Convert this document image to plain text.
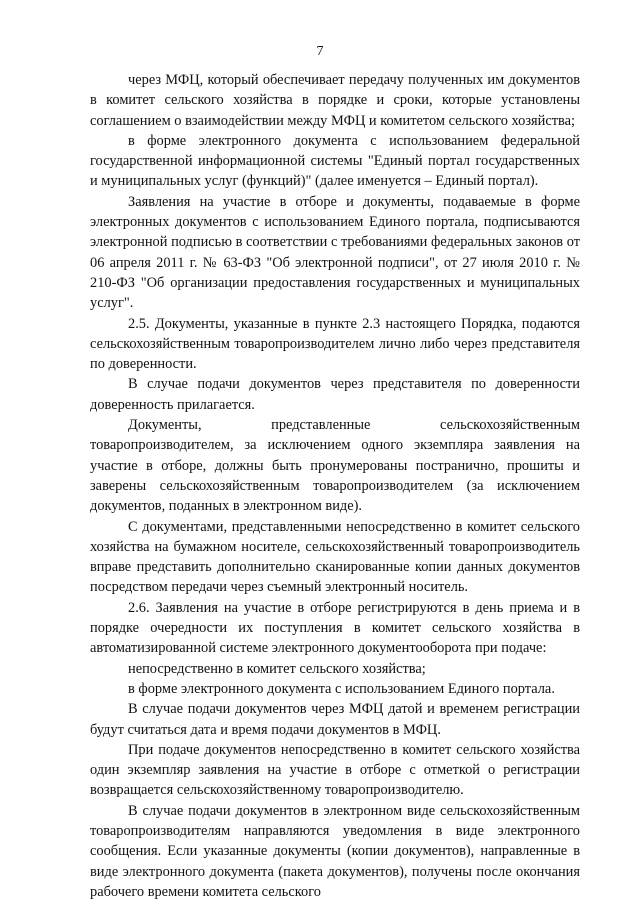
7

через МФЦ, который обеспечивает передачу полученных им документов в комитет сельского хозяйства в порядке и сроки, которые установлены соглашением о взаимодействии между МФЦ и комитетом сельского хозяйства;

в форме электронного документа с использованием федеральной государственной информационной системы "Единый портал государственных и муниципальных услуг (функций)" (далее именуется – Единый портал).

Заявления на участие в отборе и документы, подаваемые в форме электронных документов с использованием Единого портала, подписываются электронной подписью в соответствии с требованиями федеральных законов от 06 апреля 2011 г. № 63-ФЗ "Об электронной подписи", от 27 июля 2010 г. № 210-ФЗ "Об организации предоставления государственных и муниципальных услуг".

2.5. Документы, указанные в пункте 2.3 настоящего Порядка, подаются сельскохозяйственным товаропроизводителем лично либо через представителя по доверенности.

В случае подачи документов через представителя по доверенности доверенность прилагается.

Документы, представленные сельскохозяйственным товаропроизводителем, за исключением одного экземпляра заявления на участие в отборе, должны быть пронумерованы постранично, прошиты и заверены сельскохозяйственным товаропроизводителем (за исключением документов, поданных в электронном виде).

С документами, представленными непосредственно в комитет сельского хозяйства на бумажном носителе, сельскохозяйственный товаропроизводитель вправе представить дополнительно сканированные копии данных документов посредством передачи через съемный электронный носитель.

2.6. Заявления на участие в отборе регистрируются в день приема и в порядке очередности их поступления в комитет сельского хозяйства в автоматизированной системе электронного документооборота при подаче:

непосредственно в комитет сельского хозяйства;

в форме электронного документа с использованием Единого портала.

В случае подачи документов через МФЦ датой и временем регистрации будут считаться дата и время подачи документов в МФЦ.

При подаче документов непосредственно в комитет сельского хозяйства один экземпляр заявления на участие в отборе с отметкой о регистрации возвращается сельскохозяйственному товаропроизводителю.

В случае подачи документов в электронном виде сельскохозяйственным товаропроизводителям направляются уведомления в виде электронного сообщения. Если указанные документы (копии документов), направленные в виде электронного документа (пакета документов), получены после окончания рабочего времени комитета сельского
